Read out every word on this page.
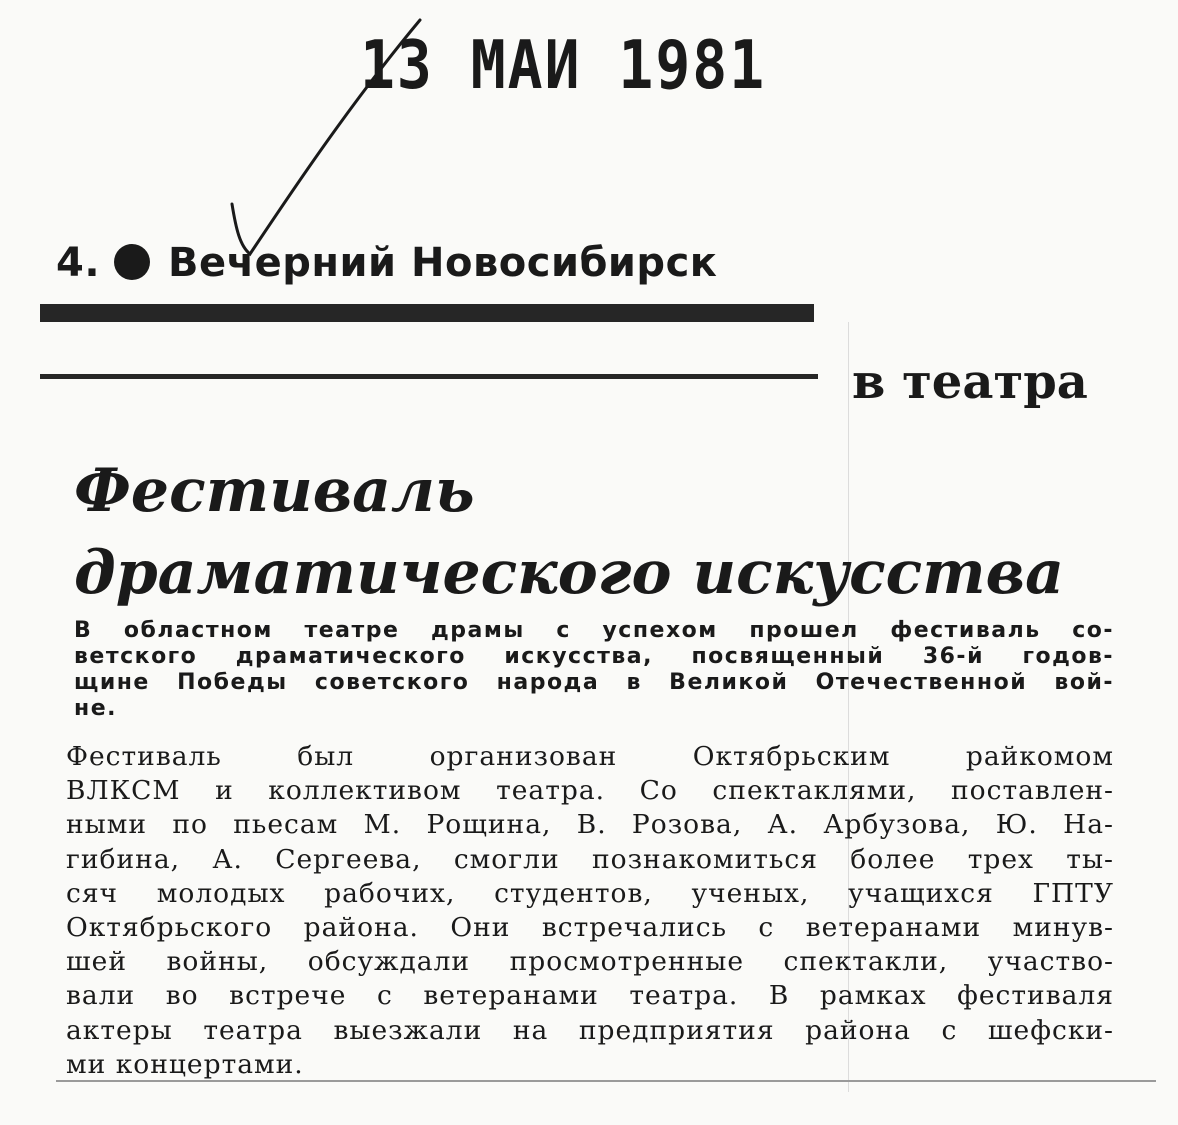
13 МАИ 1981
4. Вечерний Новосибирск
в театра
Фестиваль
драматического искусства

В областном театре драмы с успехом прошел фестиваль со-
ветского драматического искусства, посвященный 36-й годов-
щине Победы советского народа в Великой Отечественной вой-
не.

Фестиваль был организован Октябрьским райкомом
ВЛКСМ и коллективом театра. Со спектаклями, поставлен-
ными по пьесам М. Рощина, В. Розова, А. Арбузова, Ю. На-
гибина, А. Сергеева, смогли познакомиться более трех ты-
сяч молодых рабочих, студентов, ученых, учащихся ГПТУ
Октябрьского района. Они встречались с ветеранами минув-
шей войны, обсуждали просмотренные спектакли, участво-
вали во встрече с ветеранами театра. В рамках фестиваля
актеры театра выезжали на предприятия района с шефски-
ми концертами.
